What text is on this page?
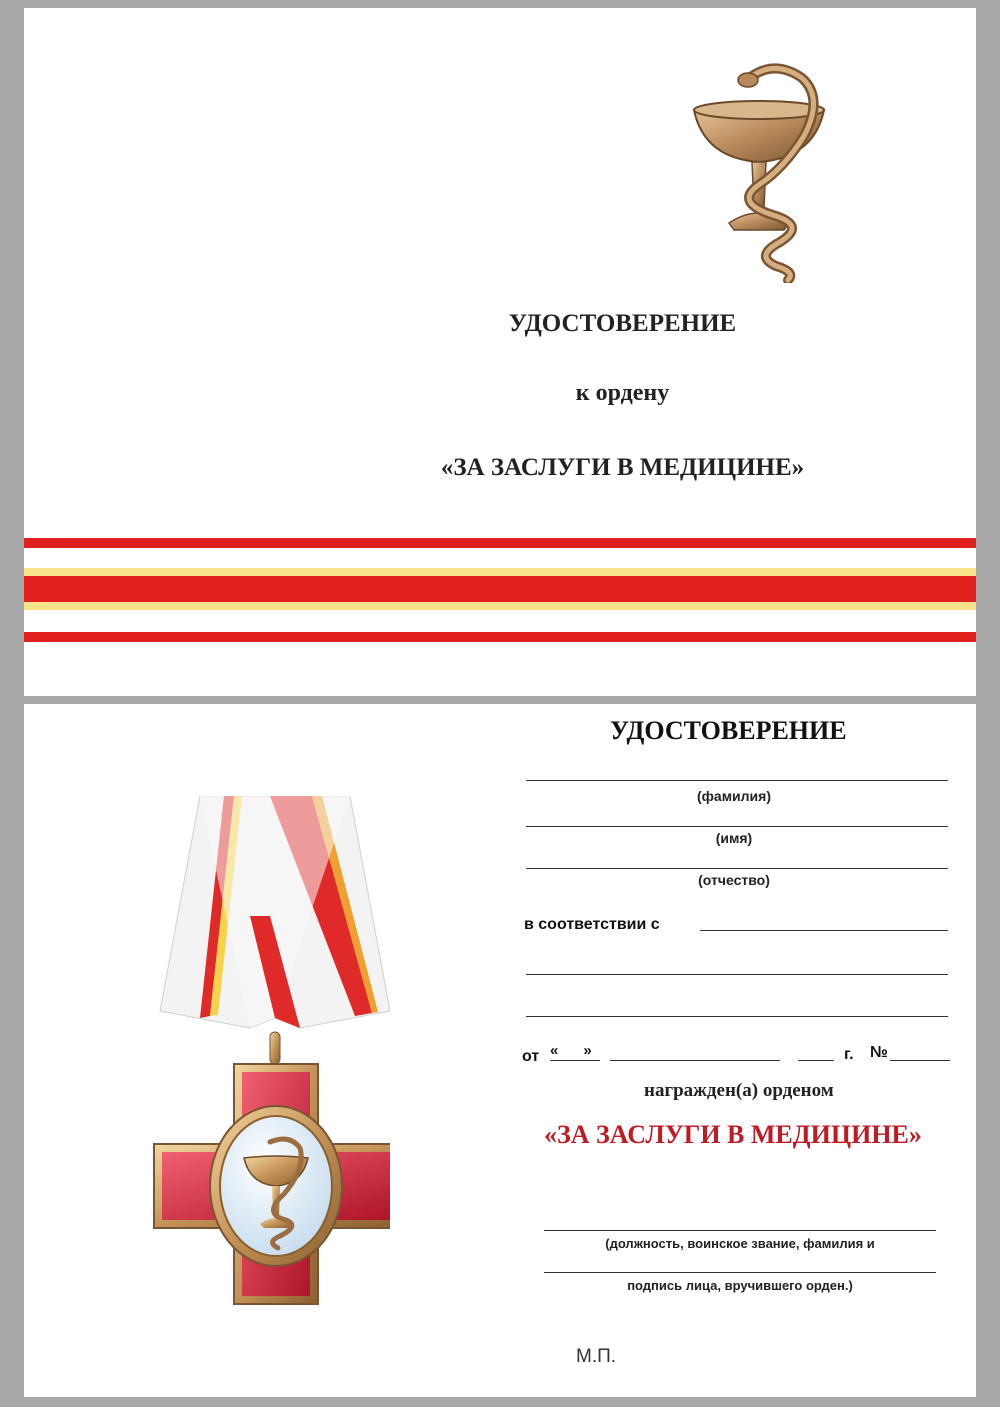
УДОСТОВЕРЕНИЕ
к ордену
«ЗА ЗАСЛУГИ В МЕДИЦИНЕ»
УДОСТОВЕРЕНИЕ
(фамилия)
(имя)
(отчество)
в соответствии с
от «      »	г. №
награжден(а) орденом
«ЗА ЗАСЛУГИ В МЕДИЦИНЕ»
(должность, воинское звание, фамилия и
подпись лица, вручившего орден.)
М.П.
